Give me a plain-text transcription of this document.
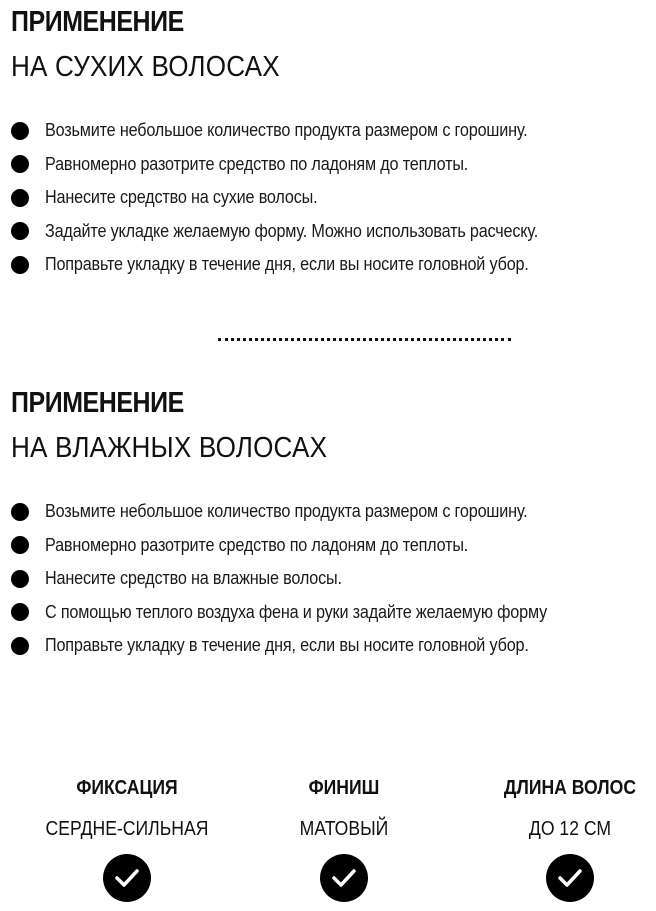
ПРИМЕНЕНИЕ
НА СУХИХ ВОЛОСАХ
Возьмите небольшое количество продукта размером с горошину.
Равномерно разотрите средство по ладоням до теплоты.
Нанесите средство на сухие волосы.
Задайте укладке желаемую форму. Можно использовать расческу.
Поправьте укладку в течение дня, если вы носите головной убор.
ПРИМЕНЕНИЕ
НА ВЛАЖНЫХ ВОЛОСАХ
Возьмите небольшое количество продукта размером с горошину.
Равномерно разотрите средство по ладоням до теплоты.
Нанесите средство на влажные волосы.
С помощью теплого воздуха фена и руки задайте желаемую форму
Поправьте укладку в течение дня, если вы носите головной убор.
ФИКСАЦИЯ
СЕРДНЕ-СИЛЬНАЯ
ФИНИШ
МАТОВЫЙ
ДЛИНА ВОЛОС
ДО 12 СМ
